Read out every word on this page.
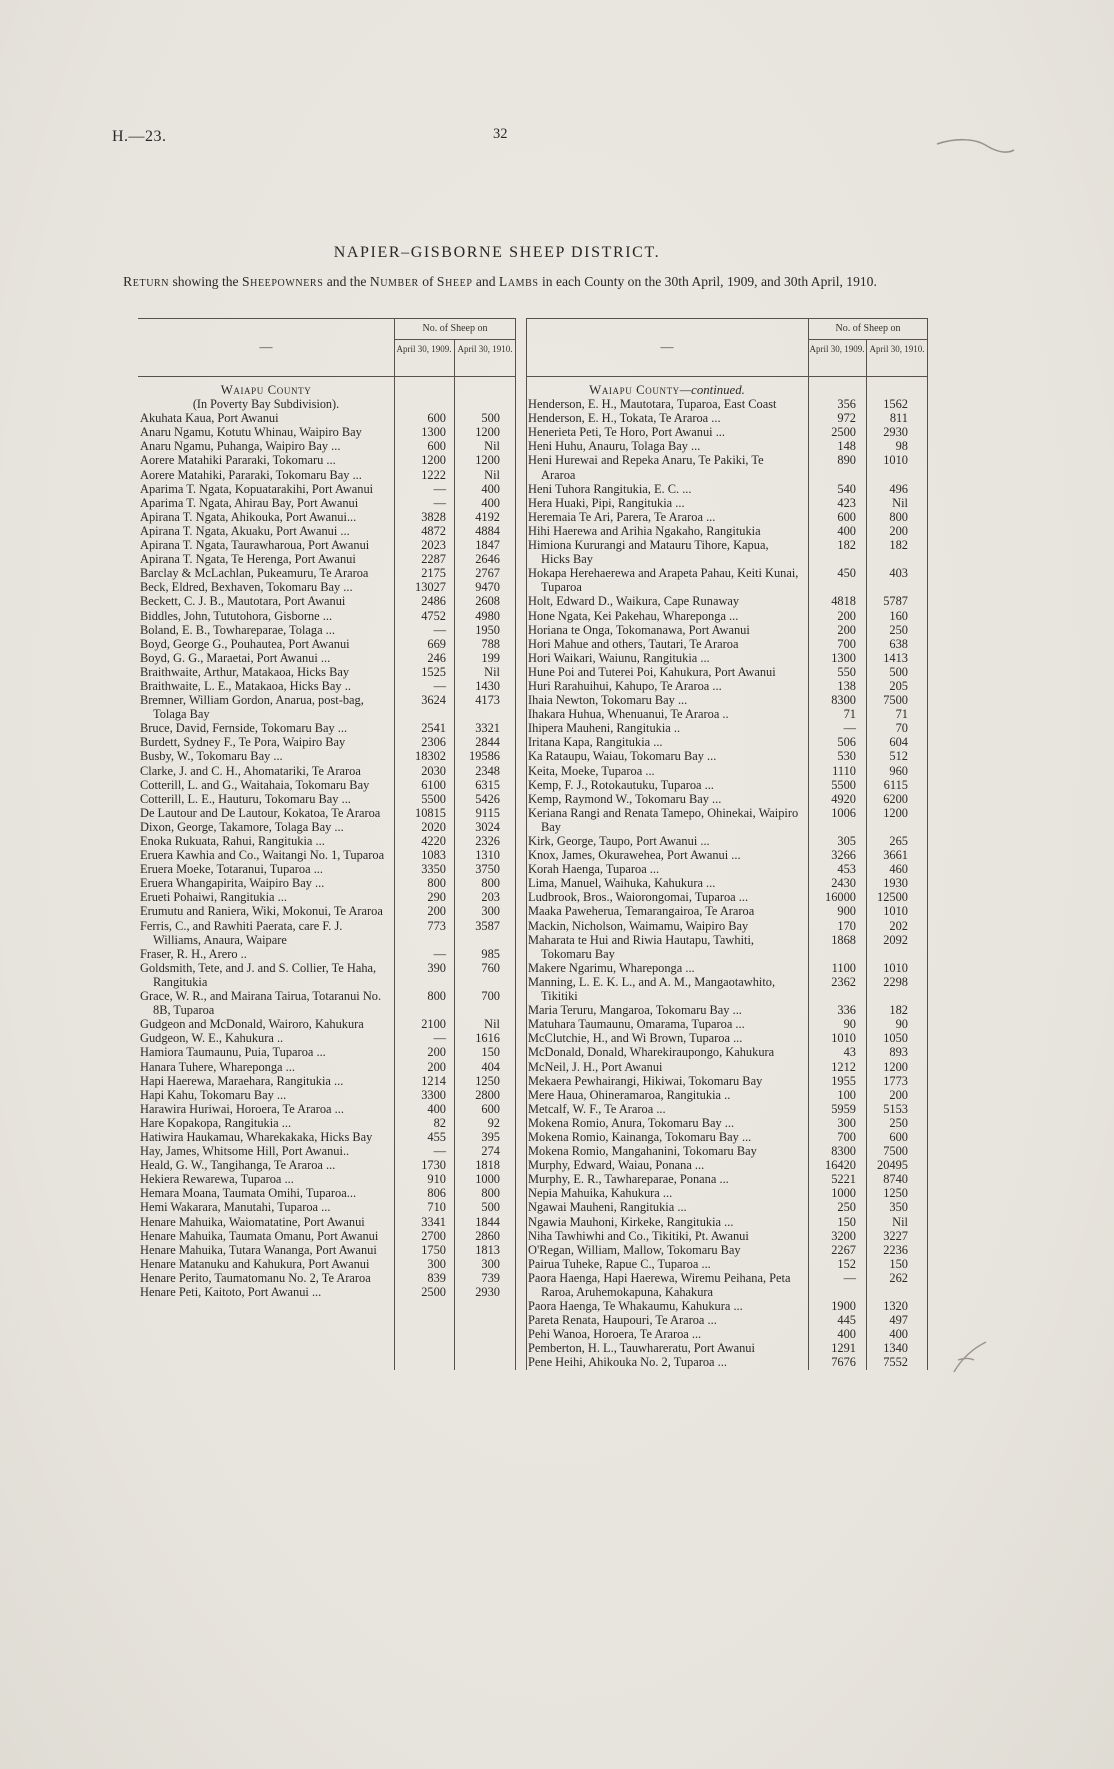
H.—23.	32
NAPIER–GISBORNE SHEEP DISTRICT.

Return showing the Sheepowners and the Number of Sheep and Lambs in each County on the 30th April, 1909, and 30th April, 1910.

—
No. of Sheep on
April 30, 1909. April 30, 1910.
Waiapu County
(In Poverty Bay Subdivision).
Akuhata Kaua, Port Awanui	600	500
Anaru Ngamu, Kotutu Whinau, Waipiro Bay	1300	1200
Anaru Ngamu, Puhanga, Waipiro Bay ...	600	Nil
Aorere Matahiki Pararaki, Tokomaru ...	1200	1200
Aorere Matahiki, Pararaki, Tokomaru Bay ...	1222	Nil
Aparima T. Ngata, Kopuatarakihi, Port Awanui	—	400
Aparima T. Ngata, Ahirau Bay, Port Awanui	—	400
Apirana T. Ngata, Ahikouka, Port Awanui...	3828	4192
Apirana T. Ngata, Akuaku, Port Awanui ...	4872	4884
Apirana T. Ngata, Taurawharoua, Port Awanui	2023	1847
Apirana T. Ngata, Te Herenga, Port Awanui	2287	2646
Barclay & McLachlan, Pukeamuru, Te Araroa	2175	2767
Beck, Eldred, Bexhaven, Tokomaru Bay ...	13027	9470
Beckett, C. J. B., Mautotara, Port Awanui	2486	2608
Biddles, John, Tututohora, Gisborne ...	4752	4980
Boland, E. B., Towhareparae, Tolaga ...	—	1950
Boyd, George G., Pouhautea, Port Awanui	669	788
Boyd, G. G., Maraetai, Port Awanui ...	246	199
Braithwaite, Arthur, Matakaoa, Hicks Bay	1525	Nil
Braithwaite, L. E., Matakaoa, Hicks Bay ..	—	1430
Bremner, William Gordon, Anarua, post-bag, Tolaga Bay
3624	4173
Bruce, David, Fernside, Tokomaru Bay ...	2541	3321
Burdett, Sydney F., Te Pora, Waipiro Bay	2306	2844
Busby, W., Tokomaru Bay ...	18302	19586
Clarke, J. and C. H., Ahomatariki, Te Araroa	2030	2348
Cotterill, L. and G., Waitahaia, Tokomaru Bay	6100	6315
Cotterill, L. E., Hauturu, Tokomaru Bay ...	5500	5426
De Lautour and De Lautour, Kokatoa, Te Araroa	10815	9115
Dixon, George, Takamore, Tolaga Bay ...	2020	3024
Enoka Rukuata, Rahui, Rangitukia ...	4220	2326
Eruera Kawhia and Co., Waitangi No. 1, Tuparoa	1083	1310
Eruera Moeke, Totaranui, Tuparoa ...	3350	3750
Eruera Whangapirita, Waipiro Bay ...	800	800
Erueti Pohaiwi, Rangitukia ...	290	203
Erumutu and Raniera, Wiki, Mokonui, Te Araroa	200	300
Ferris, C., and Rawhiti Paerata, care F. J. Williams, Anaura, Waipare
773	3587
Fraser, R. H., Arero ..	—	985
Goldsmith, Tete, and J. and S. Collier, Te Haha, Rangitukia
390	760
Grace, W. R., and Mairana Tairua, Totaranui No. 8B, Tuparoa
800	700
Gudgeon and McDonald, Wairoro, Kahukura	2100	Nil
Gudgeon, W. E., Kahukura ..	—	1616
Hamiora Taumaunu, Puia, Tuparoa ...	200	150
Hanara Tuhere, Whareponga ...	200	404
Hapi Haerewa, Maraehara, Rangitukia ...	1214	1250
Hapi Kahu, Tokomaru Bay ...	3300	2800
Harawira Huriwai, Horoera, Te Araroa ...	400	600
Hare Kopakopa, Rangitukia ...	82	92
Hatiwira Haukamau, Wharekakaka, Hicks Bay	455	395
Hay, James, Whitsome Hill, Port Awanui..	—	274
Heald, G. W., Tangihanga, Te Araroa ...	1730	1818
Hekiera Rewarewa, Tuparoa ...	910	1000
Hemara Moana, Taumata Omihi, Tuparoa...	806	800
Hemi Wakarara, Manutahi, Tuparoa ...	710	500
Henare Mahuika, Waiomatatine, Port Awanui	3341	1844
Henare Mahuika, Taumata Omanu, Port Awanui	2700	2860
Henare Mahuika, Tutara Wananga, Port Awanui	1750	1813
Henare Matanuku and Kahukura, Port Awanui	300	300
Henare Perito, Taumatomanu No. 2, Te Araroa	839	739
Henare Peti, Kaitoto, Port Awanui ...	2500	2930
—
No. of Sheep on
April 30, 1909. April 30, 1910.
Waiapu County—continued.
Henderson, E. H., Mautotara, Tuparoa, East Coast	356	1562
Henderson, E. H., Tokata, Te Araroa ...	972	811
Henerieta Peti, Te Horo, Port Awanui ...	2500	2930
Heni Huhu, Anauru, Tolaga Bay ...	148	98
Heni Hurewai and Repeka Anaru, Te Pakiki, Te Araroa
890	1010
Heni Tuhora Rangitukia, E. C. ...	540	496
Hera Huaki, Pipi, Rangitukia ...	423	Nil
Heremaia Te Ari, Parera, Te Araroa ...	600	800
Hihi Haerewa and Arihia Ngakaho, Rangitukia	400	200
Himiona Kururangi and Matauru Tihore, Kapua, Hicks Bay
182	182
Hokapa Herehaerewa and Arapeta Pahau, Keiti Kunai, Tuparoa
450	403
Holt, Edward D., Waikura, Cape Runaway	4818	5787
Hone Ngata, Kei Pakehau, Whareponga ...	200	160
Horiana te Onga, Tokomanawa, Port Awanui	200	250
Hori Mahue and others, Tautari, Te Araroa	700	638
Hori Waikari, Waiunu, Rangitukia ...	1300	1413
Hune Poi and Tuterei Poi, Kahukura, Port Awanui	550	500
Huri Rarahuihui, Kahupo, Te Araroa ...	138	205
Ihaia Newton, Tokomaru Bay ...	8300	7500
Ihakara Huhua, Whenuanui, Te Araroa ..	71	71
Ihipera Mauheni, Rangitukia ..	—	70
Iritana Kapa, Rangitukia ...	506	604
Ka Rataupu, Waiau, Tokomaru Bay ...	530	512
Keita, Moeke, Tuparoa ...	1110	960
Kemp, F. J., Rotokautuku, Tuparoa ...	5500	6115
Kemp, Raymond W., Tokomaru Bay ...	4920	6200
Keriana Rangi and Renata Tamepo, Ohinekai, Waipiro Bay
1006	1200
Kirk, George, Taupo, Port Awanui ...	305	265
Knox, James, Okurawehea, Port Awanui ...	3266	3661
Korah Haenga, Tuparoa ...	453	460
Lima, Manuel, Waihuka, Kahukura ...	2430	1930
Ludbrook, Bros., Waiorongomai, Tuparoa ...	16000	12500
Maaka Paweherua, Temarangairoa, Te Araroa	900	1010
Mackin, Nicholson, Waimamu, Waipiro Bay	170	202
Maharata te Hui and Riwia Hautapu, Tawhiti, Tokomaru Bay
1868	2092
Makere Ngarimu, Whareponga ...	1100	1010
Manning, L. E. K. L., and A. M., Mangaotawhito, Tikitiki
2362	2298
Maria Teruru, Mangaroa, Tokomaru Bay ...	336	182
Matuhara Taumaunu, Omarama, Tuparoa ...	90	90
McClutchie, H., and Wi Brown, Tuparoa ...	1010	1050
McDonald, Donald, Wharekiraupongo, Kahukura	43	893
McNeil, J. H., Port Awanui	1212	1200
Mekaera Pewhairangi, Hikiwai, Tokomaru Bay	1955	1773
Mere Haua, Ohineramaroa, Rangitukia ..	100	200
Metcalf, W. F., Te Araroa ...	5959	5153
Mokena Romio, Anura, Tokomaru Bay ...	300	250
Mokena Romio, Kainanga, Tokomaru Bay ...	700	600
Mokena Romio, Mangahanini, Tokomaru Bay	8300	7500
Murphy, Edward, Waiau, Ponana ...	16420	20495
Murphy, E. R., Tawhareparae, Ponana ...	5221	8740
Nepia Mahuika, Kahukura ...	1000	1250
Ngawai Mauheni, Rangitukia ...	250	350
Ngawia Mauhoni, Kirkeke, Rangitukia ...	150	Nil
Niha Tawhiwhi and Co., Tikitiki, Pt. Awanui	3200	3227
O'Regan, William, Mallow, Tokomaru Bay	2267	2236
Pairua Tuheke, Rapue C., Tuparoa ...	152	150
Paora Haenga, Hapi Haerewa, Wiremu Peihana, Peta Raroa, Aruhemokapuna, Kahakura
—	262
Paora Haenga, Te Whakaumu, Kahukura ...	1900	1320
Pareta Renata, Haupouri, Te Araroa ...	445	497
Pehi Wanoa, Horoera, Te Araroa ...	400	400
Pemberton, H. L., Tauwhareratu, Port Awanui	1291	1340
Pene Heihi, Ahikouka No. 2, Tuparoa ...	7676	7552
